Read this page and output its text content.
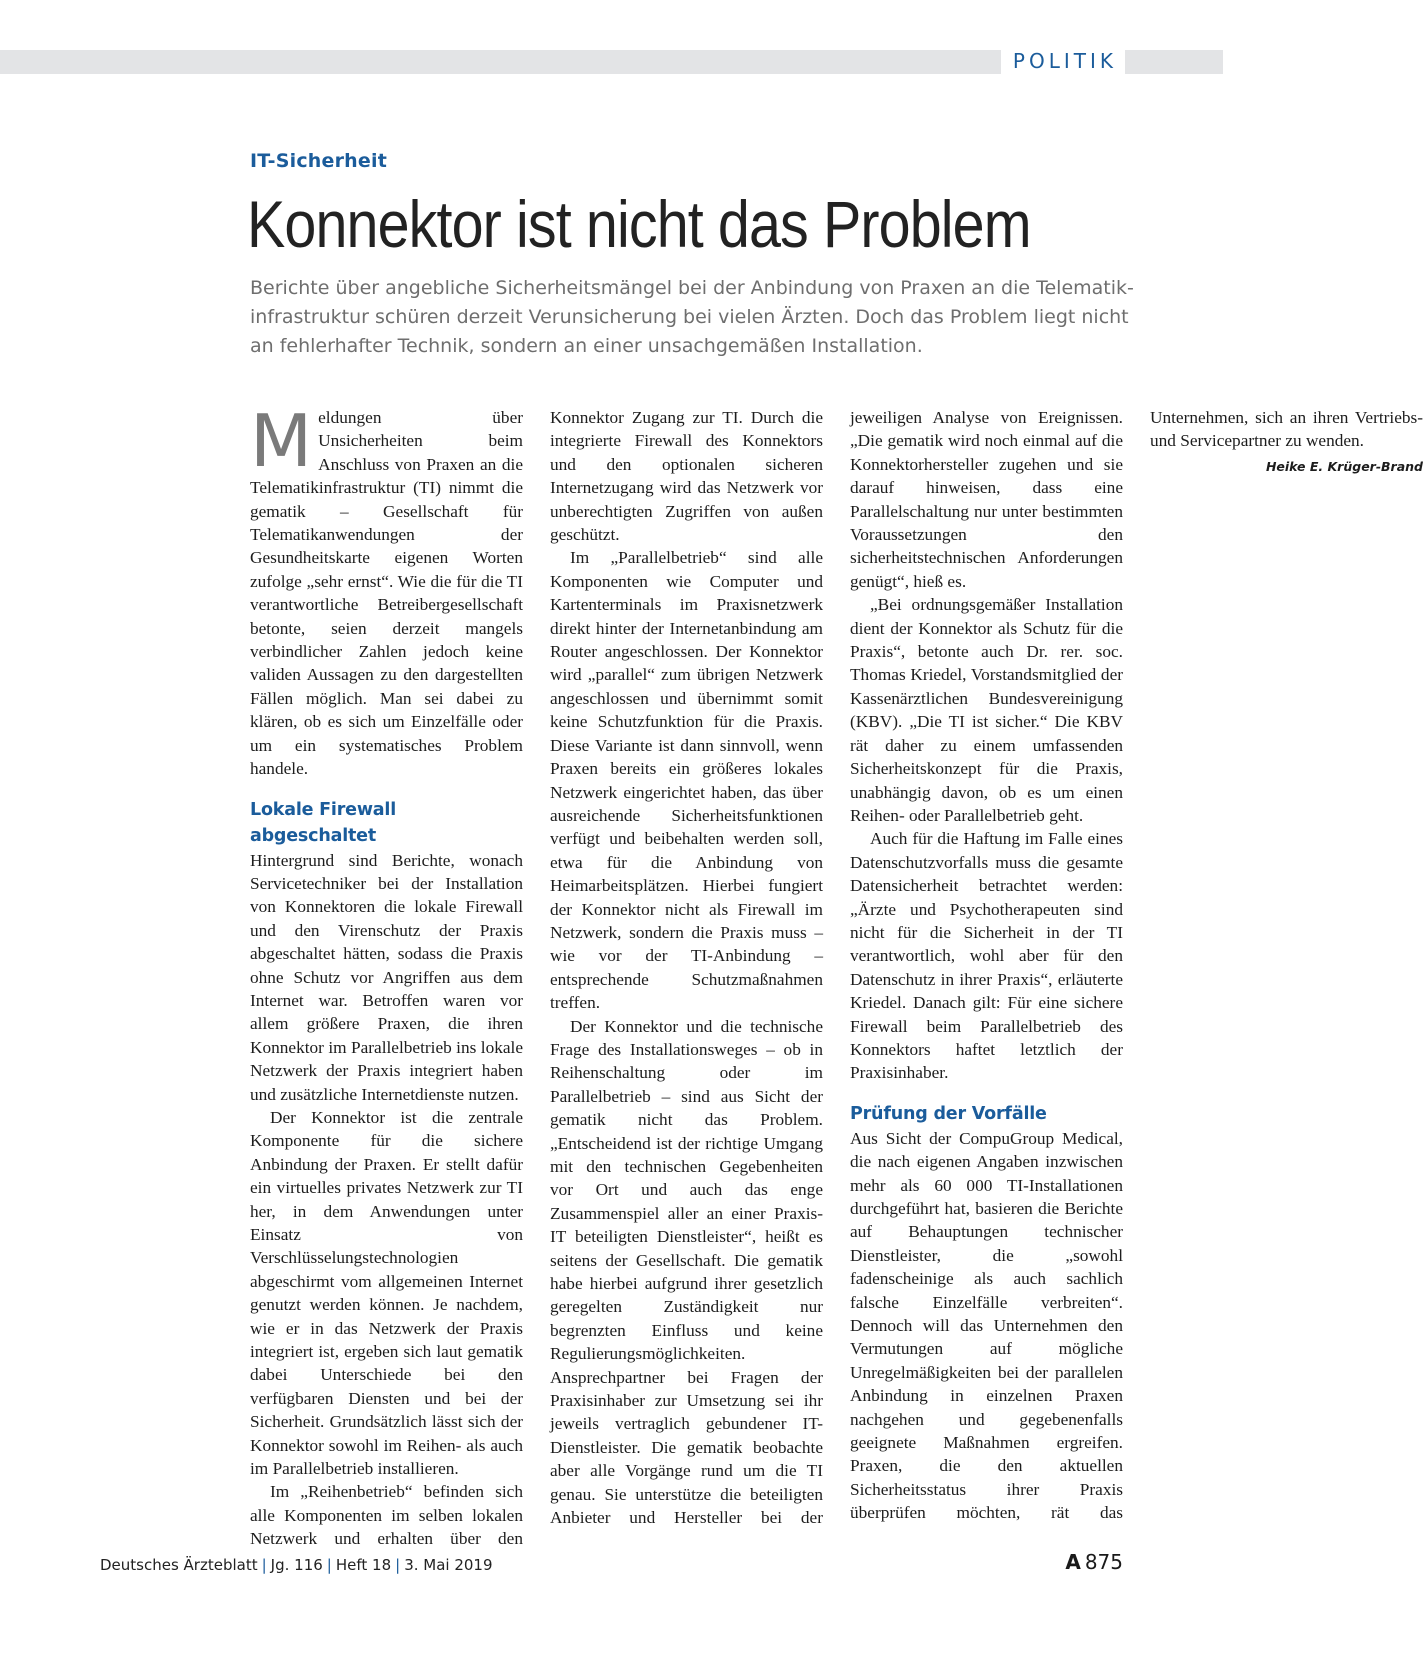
POLITIK
IT-Sicherheit
Konnektor ist nicht das Problem

Berichte über angebliche Sicherheitsmängel bei der Anbindung von Praxen an die Telematikinfrastruktur schüren derzeit Verunsicherung bei vielen Ärzten. Doch das Problem liegt nicht an fehlerhafter Technik, sondern an einer unsachgemäßen Installation.

Meldungen über Unsicherheiten beim Anschluss von Praxen an die Telematikinfrastruktur (TI) nimmt die gematik – Gesellschaft für Telematikanwendungen der Gesundheitskarte eigenen Worten zufolge „sehr ernst“. Wie die für die TI verantwortliche Betreibergesellschaft betonte, seien derzeit mangels verbindlicher Zahlen jedoch keine validen Aussagen zu den dargestellten Fällen möglich. Man sei dabei zu klären, ob es sich um Einzelfälle oder um ein systematisches Problem handele.

Lokale Firewall abgeschaltet

Hintergrund sind Berichte, wonach Servicetechniker bei der Installation von Konnektoren die lokale Firewall und den Virenschutz der Praxis abgeschaltet hätten, sodass die Praxis ohne Schutz vor Angriffen aus dem Internet war. Betroffen waren vor allem größere Praxen, die ihren Konnektor im Parallelbetrieb ins lokale Netzwerk der Praxis integriert haben und zusätzliche Internetdienste nutzen.

Der Konnektor ist die zentrale Komponente für die sichere Anbindung der Praxen. Er stellt dafür ein virtuelles privates Netzwerk zur TI her, in dem Anwendungen unter Einsatz von Verschlüsselungstechnologien abgeschirmt vom allgemeinen Internet genutzt werden können. Je nachdem, wie er in das Netzwerk der Praxis integriert ist, ergeben sich laut gematik dabei Unterschiede bei den verfügbaren Diensten und bei der Sicherheit. Grundsätzlich lässt sich der Konnektor sowohl im Reihen- als auch im Parallelbetrieb installieren.

Im „Reihenbetrieb“ befinden sich alle Komponenten im selben lokalen Netzwerk und erhalten über den Konnektor Zugang zur TI. Durch die integrierte Firewall des Konnektors und den optionalen sicheren Internetzugang wird das Netzwerk vor unberechtigten Zugriffen von außen geschützt.

Im „Parallelbetrieb“ sind alle Komponenten wie Computer und Kartenterminals im Praxisnetzwerk direkt hinter der Internetanbindung am Router angeschlossen. Der Konnektor wird „parallel“ zum übrigen Netzwerk angeschlossen und übernimmt somit keine Schutzfunktion für die Praxis. Diese Variante ist dann sinnvoll, wenn Praxen bereits ein größeres lokales Netzwerk eingerichtet haben, das über ausreichende Sicherheitsfunktionen verfügt und beibehalten werden soll, etwa für die Anbindung von Heimarbeitsplätzen. Hierbei fungiert der Konnektor nicht als Firewall im Netzwerk, sondern die Praxis muss – wie vor der TI-Anbindung – entsprechende Schutzmaßnahmen treffen.

Der Konnektor und die technische Frage des Installationsweges – ob in Reihenschaltung oder im Parallelbetrieb – sind aus Sicht der gematik nicht das Problem. „Entscheidend ist der richtige Umgang mit den technischen Gegebenheiten vor Ort und auch das enge Zusammenspiel aller an einer Praxis-IT beteiligten Dienstleister“, heißt es seitens der Gesellschaft. Die gematik habe hierbei aufgrund ihrer gesetzlich geregelten Zuständigkeit nur begrenzten Einfluss und keine Regulierungsmöglichkeiten. Ansprechpartner bei Fragen der Praxisinhaber zur Umsetzung sei ihr jeweils vertraglich gebundener IT-Dienstleister. Die gematik beobachte aber alle Vorgänge rund um die TI genau. Sie unterstütze die beteiligten Anbieter und Hersteller bei der jeweiligen Analyse von Ereignissen. „Die gematik wird noch einmal auf die Konnektorhersteller zugehen und sie darauf hinweisen, dass eine Parallelschaltung nur unter bestimmten Voraussetzungen den sicherheitstechnischen Anforderungen genügt“, hieß es.

„Bei ordnungsgemäßer Installation dient der Konnektor als Schutz für die Praxis“, betonte auch Dr. rer. soc. Thomas Kriedel, Vorstandsmitglied der Kassenärztlichen Bundesvereinigung (KBV). „Die TI ist sicher.“ Die KBV rät daher zu einem umfassenden Sicherheitskonzept für die Praxis, unabhängig davon, ob es um einen Reihen- oder Parallelbetrieb geht.

Auch für die Haftung im Falle eines Datenschutzvorfalls muss die gesamte Datensicherheit betrachtet werden: „Ärzte und Psychotherapeuten sind nicht für die Sicherheit in der TI verantwortlich, wohl aber für den Datenschutz in ihrer Praxis“, erläuterte Kriedel. Danach gilt: Für eine sichere Firewall beim Parallelbetrieb des Konnektors haftet letztlich der Praxisinhaber.

Prüfung der Vorfälle

Aus Sicht der CompuGroup Medical, die nach eigenen Angaben inzwischen mehr als 60 000 TI-Installationen durchgeführt hat, basieren die Berichte auf Behauptungen technischer Dienstleister, die „sowohl fadenscheinige als auch sachlich falsche Einzelfälle verbreiten“. Dennoch will das Unternehmen den Vermutungen auf mögliche Unregelmäßigkeiten bei der parallelen Anbindung in einzelnen Praxen nachgehen und gegebenenfalls geeignete Maßnahmen ergreifen. Praxen, die den aktuellen Sicherheitsstatus ihrer Praxis überprüfen möchten, rät das Unternehmen, sich an ihren Vertriebs- und Servicepartner zu wenden.
Heike E. Krüger-Brand

Deutsches Ärzteblatt | Jg. 116 | Heft 18 | 3. Mai 2019	A 875
